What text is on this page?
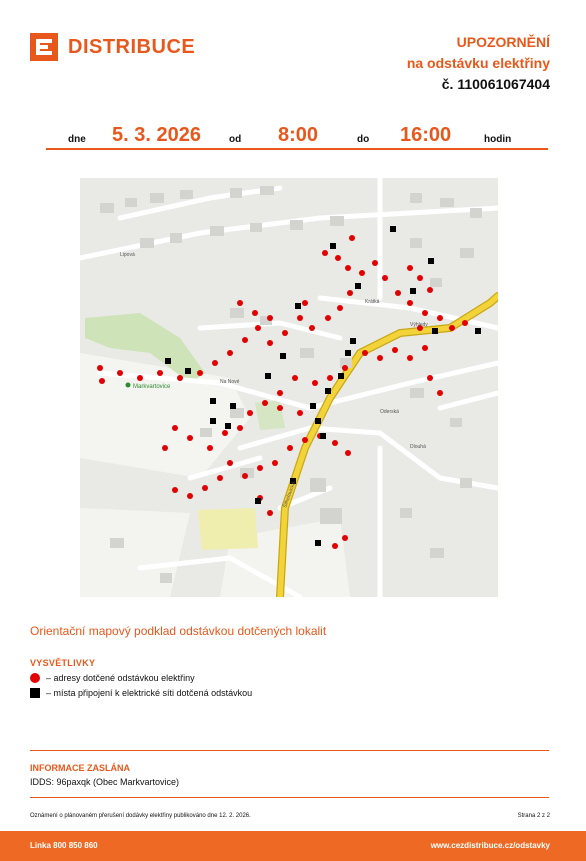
DISTRIBUCE	UPOZORNĚNÍ
na odstávku elektřiny
č. 110061067404
dne 5. 3. 2026	od 8:00	do 16:00	hodin
Markvartovice
Lipová
Krátká
Výhledy
Na Nové
Dlouhá
Oderská
Šilheřovická
Orientační mapový podklad odstávkou dotčených lokalit
VYSVĚTLIVKY
– adresy dotčené odstávkou elektřiny
– místa připojení k elektrické síti dotčená odstávkou
INFORMACE ZASLÁNA
IDDS: 96paxqk (Obec Markvartovice)
Oznámení o plánovaném přerušení dodávky elektřiny publikováno dne 12. 2. 2026.	Strana 2 z 2
Linka 800 850 860	www.cezdistribuce.cz/odstavky
